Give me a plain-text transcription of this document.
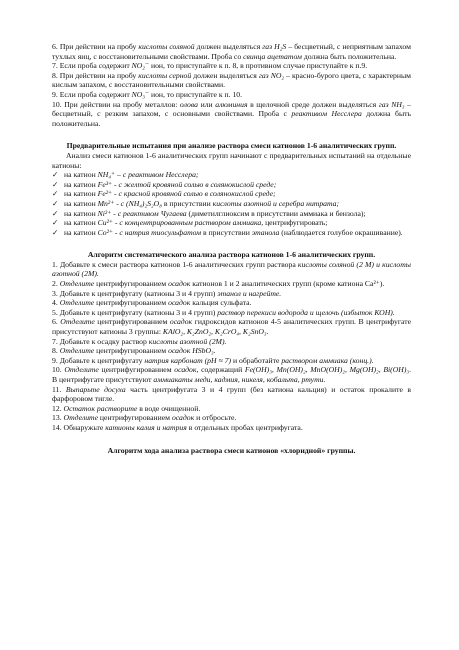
6. При действии на пробу кислоты соляной должен выделяться газ H₂S – бесцветный, с неприятным запахом тухлых яиц, с восстановительными свойствами. Проба со свинца ацетатом должна быть положительна.

7. Если проба содержит NO₂⁻ ион, то приступайте к п. 8, в противном случае приступайте к п.9.

8. При действии на пробу кислоты серной должен выделяться газ NO₂ – красно-бурого цвета, с характерным кислым запахом, с восстановительными свойствами.

9. Если проба содержит NO₃⁻ ион, то приступайте к п. 10.

10. При действии на пробу металлов: олова или алюминия в щелочной среде должен выделяться газ NH₃ – бесцветный, с резким запахом, с основными свойствами. Проба с реактивом Несслера должна быть положительна.

Предварительные испытания при анализе раствора смеси катионов 1-6 аналитических групп.

Анализ смеси катионов 1-6 аналитических групп начинают с предварительных испытаний на отдельные катионы:

✓ на катион NH₄⁺ – с реактивом Несслера;

✓ на катион Fe³⁺ - с желтой кровяной солью в солянокислой среде;

✓ на катион Fe²⁺ - с красной кровяной солью в солянокислой среде;

✓ на катион Mn²⁺ - с (NH₄)₂S₂O₈ в присутствии кислоты азотной и серебра нитрата;

✓ на катион Ni²⁺ - с реактивом Чугаева (диметилглиоксим в присутствии аммиака и бензола);

✓ на катион Cu²⁺ - с концентрированным раствором аммиака, центрифугировать;

✓ на катион Co²⁺ - с натрия тиосульфатом в присутствии этанола (наблюдается голубое окрашивание).

Алгоритм систематического анализа раствора катионов 1-6 аналитических групп.

1. Добавьте к смеси раствора катионов 1-6 аналитических групп раствора кислоты соляной (2 М) и кислоты азотной (2М).

2. Отделите центрифугированием осадок катионов 1 и 2 аналитических групп (кроме катиона Ca²⁺).

3. Добавьте к центрифугату (катионы 3 и 4 групп) этанол и нагрейте.

4. Отделите центрифугированием осадок кальция сульфата.

5. Добавьте к центрифугату (катионы 3 и 4 групп) раствор перекиси водорода и щелочь (избыток КОН).

6. Отделите центрифугированием осадок гидроксидов катионов 4-5 аналитических групп. В центрифугате присутствуют катионы 3 группы: KAlO₂, K₂ZnO₂, K₂CrO₄, K₂SnO₃.

7. Добавьте к осадку раствор кислоты азотной (2М).

8. Отделите центрифугированием осадок HSbO₃.

9. Добавьте к центрифугату натрия карбонат (pH ≈ 7) и обработайте раствором аммиака (конц.).

10. Отделите центрифугированием осадок, содержащий Fe(OH)₃, Mn(OH)₂, MnO(OH)₂, Mg(OH)₂, Bi(OH)₃. В центрифугате присутствуют аммиакаты меди, кадмия, никеля, кобальта, ртути.

11. Выпарьте досуха часть центрифугата 3 и 4 групп (без катиона кальция) и остаток прокалите в фарфоровом тигле.

12. Остаток растворите в воде очищенной.

13. Отделите центрифугированием осадок и отбросьте.

14. Обнаружьте катионы калия и натрия в отдельных пробах центрифугата.

Алгоритм хода анализа раствора смеси катионов «хлоридной» группы.
